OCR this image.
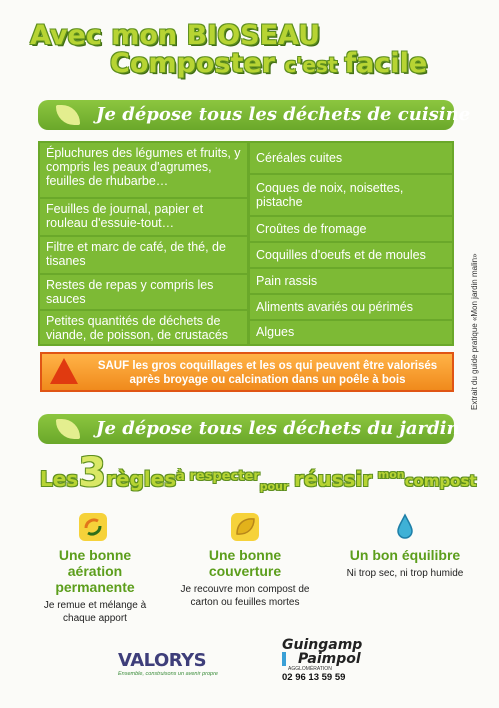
Avec mon BIOSEAU
Composter c'est facile
Je dépose tous les déchets de cuisine
Épluchures des légumes et fruits, y compris les peaux d'agrumes, feuilles de rhubarbe…
Feuilles de journal, papier et rouleau d'essuie-tout…
Filtre et marc de café, de thé, de tisanes
Restes de repas y compris les sauces
Petites quantités de déchets de viande, de poisson, de crustacés
Céréales cuites
Coques de noix, noisettes, pistache
Croûtes de fromage
Coquilles d'oeufs et de moules
Pain rassis
Aliments avariés ou périmés
Algues
SAUF les gros coquillages et les os qui peuvent être valorisés après broyage ou calcination dans un poêle à bois
Je dépose tous les déchets du jardin
Les3règles$^{à respecter}_{pour}$ réussir $^{mon}$compost
Une bonne aération permanente
Je remue et mélange à chaque apport
Une bonne couverture
Je recouvre mon compost de carton ou feuilles mortes
Un bon équilibre
Ni trop sec, ni trop humide
VALORYS
Ensemble, construisons un avenir propre
Guingamp
Paimpol
AGGLOMÉRATION
02 96 13 59 59
Extrait du guide pratique «Mon jardin malin»
